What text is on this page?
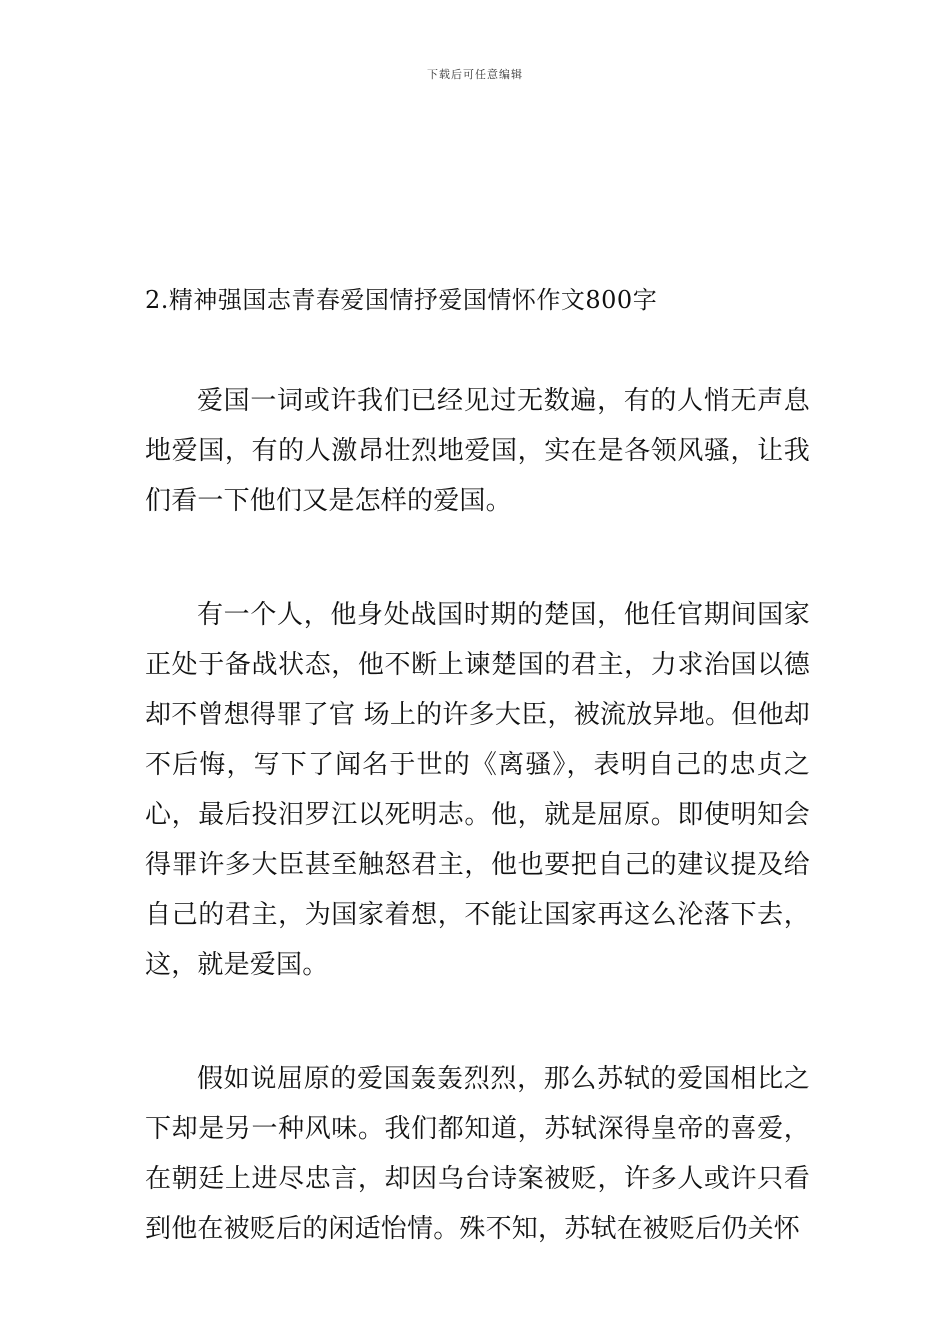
下载后可任意编辑
2.精神强国志青春爱国情抒爱国情怀作文800字

爱国一词或许我们已经见过无数遍，有的人悄无声息地爱国，有的人激昂壮烈地爱国，实在是各领风骚，让我们看一下他们又是怎样的爱国。

有一个人，他身处战国时期的楚国，他任官期间国家正处于备战状态，他不断上谏楚国的君主，力求治国以德却不曾想得罪了官 场上的许多大臣，被流放异地。但他却不后悔，写下了闻名于世的《离骚》，表明自己的忠贞之心，最后投汨罗江以死明志。他，就是屈原。即使明知会得罪许多大臣甚至触怒君主，他也要把自己的建议提及给自己的君主，为国家着想，不能让国家再这么沦落下去，这，就是爱国。

假如说屈原的爱国轰轰烈烈，那么苏轼的爱国相比之下却是另一种风味。我们都知道，苏轼深得皇帝的喜爱，在朝廷上进尽忠言，却因乌台诗案被贬，许多人或许只看到他在被贬后的闲适怡情。殊不知，苏轼在被贬后仍关怀
